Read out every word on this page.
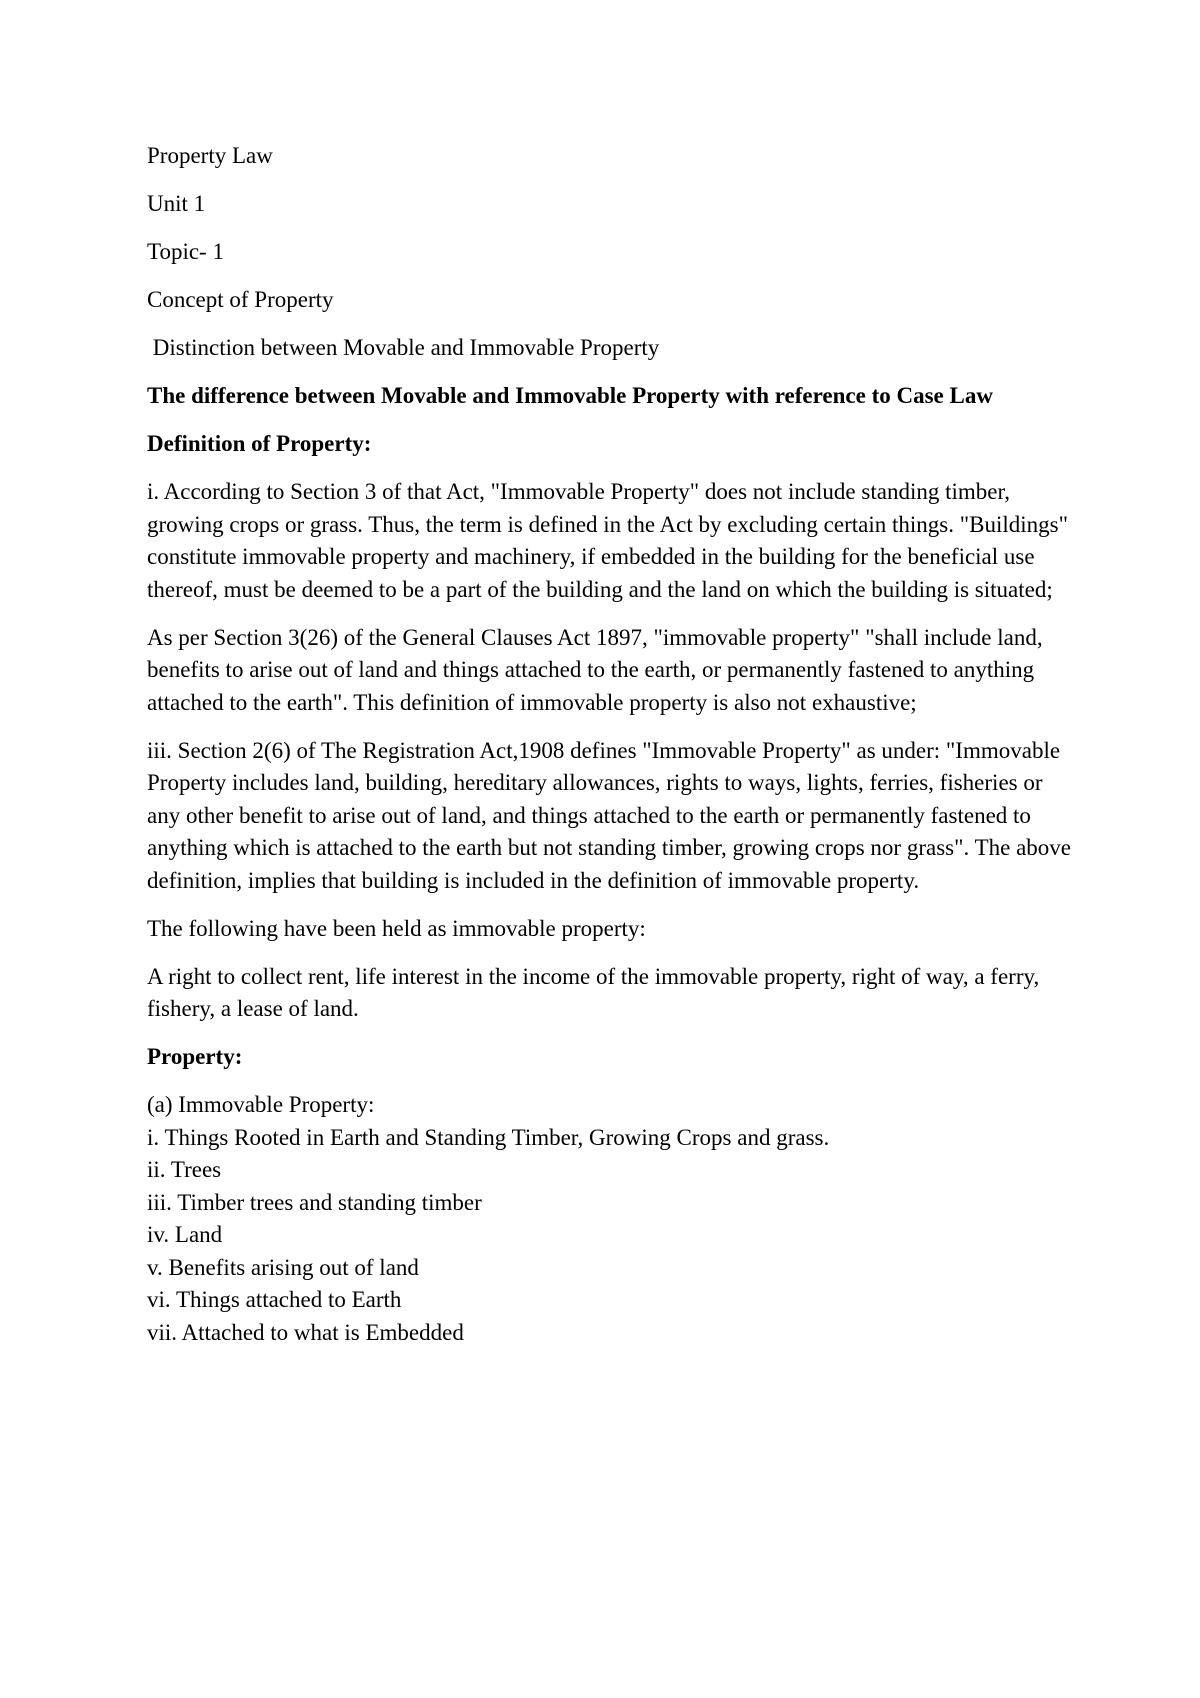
Property Law
Unit 1
Topic- 1
Concept of Property
Distinction between Movable and Immovable Property
The difference between Movable and Immovable Property with reference to Case Law
Definition of Property:
i. According to Section 3 of that Act, "Immovable Property" does not include standing timber, growing crops or grass. Thus, the term is defined in the Act by excluding certain things. "Buildings" constitute immovable property and machinery, if embedded in the building for the beneficial use thereof, must be deemed to be a part of the building and the land on which the building is situated;
As per Section 3(26) of the General Clauses Act 1897, "immovable property" "shall include land, benefits to arise out of land and things attached to the earth, or permanently fastened to anything attached to the earth". This definition of immovable property is also not exhaustive;
iii. Section 2(6) of The Registration Act,1908 defines "Immovable Property" as under: "Immovable Property includes land, building, hereditary allowances, rights to ways, lights, ferries, fisheries or any other benefit to arise out of land, and things attached to the earth or permanently fastened to anything which is attached to the earth but not standing timber, growing crops nor grass". The above definition, implies that building is included in the definition of immovable property.
The following have been held as immovable property:
A right to collect rent, life interest in the income of the immovable property, right of way, a ferry, fishery, a lease of land.
Property:
(a) Immovable Property:
i. Things Rooted in Earth and Standing Timber, Growing Crops and grass.
ii. Trees
iii. Timber trees and standing timber
iv. Land
v. Benefits arising out of land
vi. Things attached to Earth
vii. Attached to what is Embedded
